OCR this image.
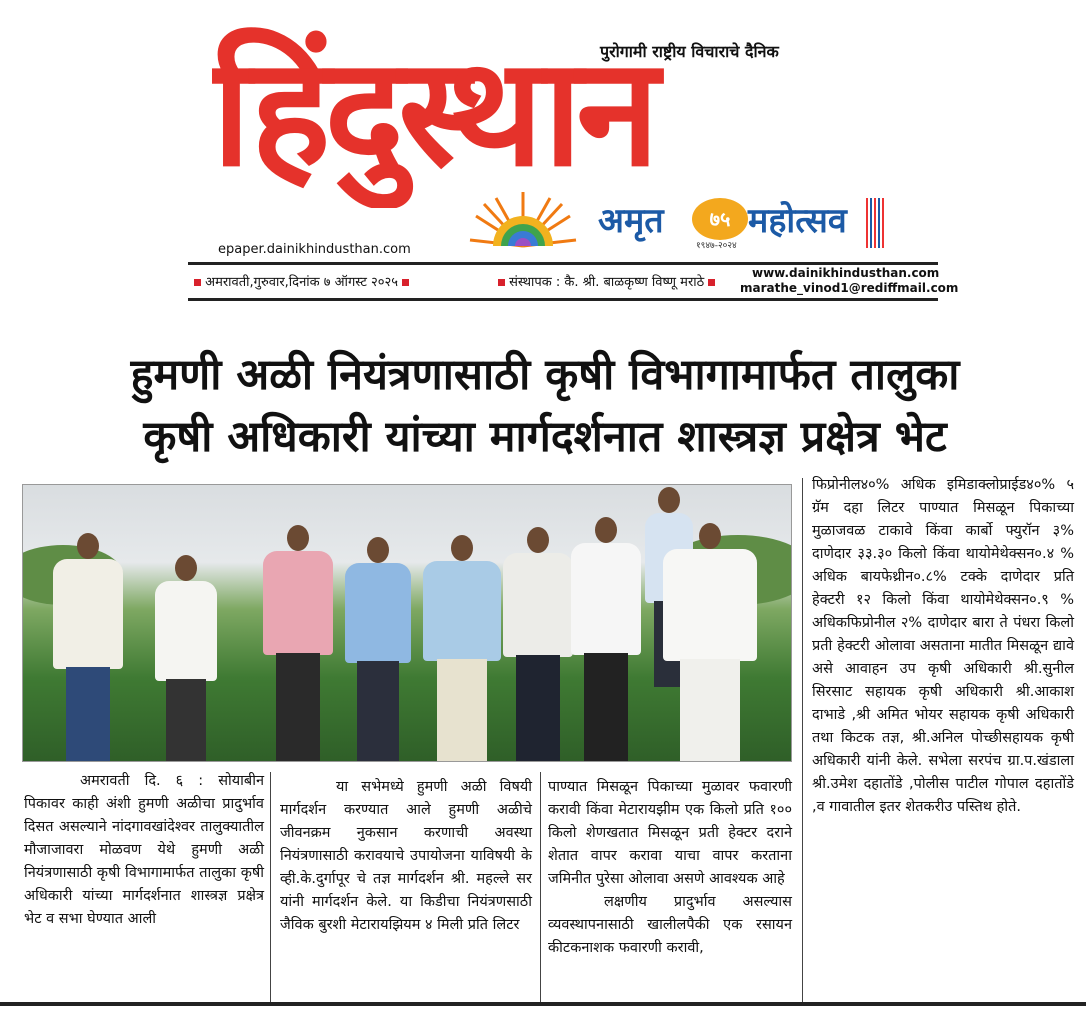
पुरोगामी राष्ट्रीय विचाराचे दैनिक
हिंदुस्थान
अमृत	७५
१९४७-२०२४
महोत्सव
epaper.dainikhindusthan.com
अमरावती,गुरुवार,दिनांक ७ ऑगस्ट २०२५	संस्थापक : कै. श्री. बाळकृष्ण विष्णू मराठे
www.dainikhindusthan.com
marathe_vinod1@rediffmail.com
हुमणी अळी नियंत्रणासाठी कृषी विभागामार्फत तालुका
कृषी अधिकारी यांच्या मार्गदर्शनात शास्त्रज्ञ प्रक्षेत्र भेट

अमरावती दि. ६ : सोयाबीन पिकावर काही अंशी हुमणी अळीचा प्रादुर्भाव दिसत असल्याने नांदगावखांदेश्वर तालुक्यातील मौजाजावरा मोळवण येथे हुमणी अळी नियंत्रणासाठी कृषी विभागामार्फत तालुका कृषी अधिकारी यांच्या मार्गदर्शनात शास्त्रज्ञ प्रक्षेत्र भेट व सभा घेण्यात आली

या सभेमध्ये हुमणी अळी विषयी मार्गदर्शन करण्यात आले हुमणी अळीचे जीवनक्रम नुकसान करणाची अवस्था नियंत्रणासाठी करावयाचे उपायोजना याविषयी के व्ही.के.दुर्गापूर चे तज्ञ मार्गदर्शन श्री. महल्ले सर यांनी मार्गदर्शन केले. या किडीचा नियंत्रणसाठी जैविक बुरशी मेटारायझियम ४ मिली प्रति लिटर

पाण्यात मिसळून पिकाच्या मुळावर फवारणी करावी किंवा मेटारायझीम एक किलो प्रति १०० किलो शेणखतात मिसळून प्रती हेक्टर दराने शेतात वापर करावा याचा वापर करताना जमिनीत पुरेसा ओलावा असणे आवश्यक आहे

लक्षणीय प्रादुर्भाव असल्यास व्यवस्थापनासाठी खालीलपैकी एक रसायन कीटकनाशक फवारणी करावी,

फिप्रोनील४०% अधिक इमिडाक्लोप्राईड४०% ५ ग्रॅम दहा लिटर पाण्यात मिसळून पिकाच्या मुळाजवळ टाकावे किंवा कार्बो फ्युरॉन ३% दाणेदार ३३.३० किलो किंवा थायोमेथेक्सन०.४ % अधिक बायफेथ्रीन०.८% टक्के दाणेदार प्रति हेक्टरी १२ किलो किंवा थायोमेथेक्सन०.९ % अधिकफिप्रोनील २% दाणेदार बारा ते पंधरा किलो प्रती हेक्टरी ओलावा असताना मातीत मिसळून द्यावे असे आवाहन उप कृषी अधिकारी श्री.सुनील सिरसाट सहायक कृषी अधिकारी श्री.आकाश दाभाडे ,श्री अमित भोयर सहायक कृषी अधिकारी तथा किटक तज्ञ, श्री.अनिल पोच्छीसहायक कृषी अधिकारी यांनी केले. सभेला सरपंच ग्रा.प.खंडाला श्री.उमेश दहातोंडे ,पोलीस पाटील गोपाल दहातोंडे ,व गावातील इतर शेतकरीउ पस्तिथ होते.
